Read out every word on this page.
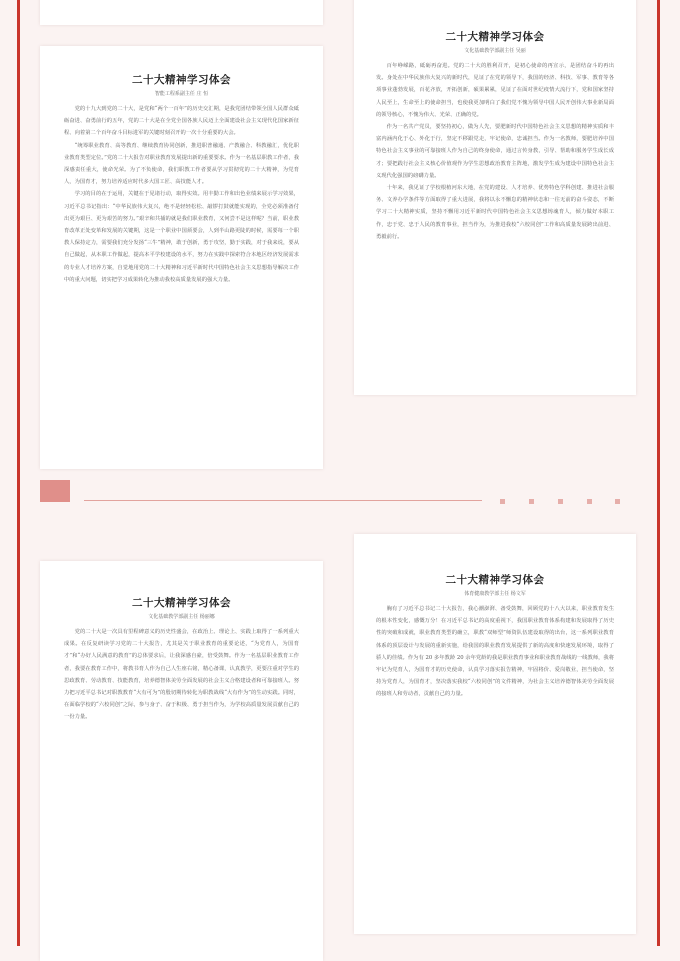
二十大精神学习体会
文化基础教学部副主任 吴丽

百年峥嵘路，砥砺再奋进。党的二十大的胜利召开，是初心使命的再宣示，是团结奋斗的再出发。身处在中华民族伟大复兴的新时代，见证了在党的领导下，我国的经济、科技、军事、教育等各项事业蓬勃发展，百花齐放，开拓创新，硕果累累，见证了在面对世纪疫情大流行下，党和国家坚持人民至上，生命至上的使命担当，也使我更加明白了我们党不愧为领导中国人民开创伟大事业新局面的领导核心，不愧为伟大、光荣、正确的党。

作为一名共产党员，要坚持初心，做为人先，要肥新时代中国特色社会主义思想的精神实质和丰富内涵内化于心、外化于行，坚定不移跟党走，牢记使命，忠诚担当。作为一名教师，要肥培养中国特色社会主义事业的可靠接班人作为自己的终身使命，通过言传身教，引导、帮助和服务学生成长成才；要把践行社会主义核心价值观作为学生思想政治教育主阵地，激发学生成为建设中国特色社会主义现代化强国的磅礴力量。

十年来，我见证了学校根植河东大地，在党的建设、人才培养、优势特色学科创建、推进社会服务、文养办学条件等方面取得了重大进展，我将以永不懈怠的精神状态和一往无前的奋斗姿态，不断学习二十大精神实质，坚持不懈用习近平新时代中国特色社会主义思想铸魂育人，倾力做好本职工作，忠于党、忠于人民的教育事业，担当作为，为推进我校“六校同创”工作和高质量发展跨出前进、勇毅前行。

二十大精神学习体会
智能工程系副主任 庄 恒

党的十九大到党的二十大，是党和“两个一百年”的历史交汇期，是我党团结带领全国人民群众砥砺奋进、奋勇前行的五年，党的二十大是在全党全国各族人民迈上全面建设社会主义现代化国家新征程、向着第二个百年奋斗目标进军的关键时刻召开的一次十分重要的大会。

“统筹职业教育、高等教育、继续教育协同创新，推进职普融通、产教融合、科教融汇，优化职业教育类型定位。”党的二十大报告对职业教育发展提出新的重要要求。作为一名基层职教工作者，我深感责任重大，使命光荣。为了不负使命，我们职教工作者要从学习贯彻党的二十大精神，为党育人，为国育才，努力培养适应时代多大国工匠、高技能人才。

学习的目的在于运用，关键在于见诸行动，取得实效。用丰勤工作和出色业绩来展示学习效果，习近平总书记指出：“中华民族伟大复兴，绝不是轻轻松松、敲锣打鼓就能实现的，全党必须准备付出更为艰巨、更为艰苦的努力。”艰辛和共捕的就是我们职业教育，又何尝不是这样呢？当前，职业教育改革正处变革和发展的关键期，这是一个职业中国须要会，人到半山路更陡的时候，需要每一个职教人保持定力，需要我们充分发扬“三牛”精神，敢于创新，勇于攻坚，勤于实践，对于我来说，要从自己做起，从本职工作做起，提高本平学校建设的水平，努力在实践中探索符合本地区经济发展需求的专业人才培养方案，自觉地用党的二十大精神和习近平新时代中国特色社会主义思想指导解决工作中的重大问题，切实把学习成果转化为推动我校高质量发展的强大力量。

二十大精神学习体会
文化基础教学部副主任 杨丽娜

党的二十大是一次具有里程碑意义的历史性盛会，在政治上、理论上、实践上取得了一系列重大成果。在反复研读学习党的二十大报告，尤其是关于职业教育的重要论述，“为党育人，为国育才”和“办好人民满意的教育”的总体要求后，让我深感自豪，倍受鼓舞。作为一名基层职业教育工作者，我要在教育工作中，将教书育人作为自己人生座右铭，精心备课，认真教学，更要注重对学生的思政教育、劳动教育、技能教育，培养德智体美劳全面发展的社会主义合格建设者和可靠接班人。努力把习近平总书记对职教教育“大有可为”的殷切期待转化为职教战线“大有作为”的生动实践。同时，在面临学校的“六校同创”之际，参与身子、奋于积极、勇于担当作为，为学校高质量发展贡献自己的一份力量。

二十大精神学习体会
体育健康教学部主任 杨文军

胸有了习近平总书记二十大报告，我心潮澎湃、备受鼓舞，回顾党的十八大以来，职业教育发生的根本性变化，感慨万分！在习近平总书记的高度重视下，我国职业教育体系构建和发展取得了历史性的突破和成就，职业教育类型的确立，职教“双师型”师资队伍建设取得的出台，这一系列职业教育体系的顶层设计与发展的重新实施，给我国的职业教育发展提供了新的高度和快速发展环境，取得了骄人的佳绩。作为有 20 多年教龄 20 余年党龄的我是职业教育事业和职业教育战线的一线教师，我将牢记为党育人，为国育才的历史使命，认真学习落实报告精神，牢固将价、爱岗敬业，担当使命，坚持为党育人，为国育才，坚决落实我校“六校同创”的文件精神，为社会主义培养德智体美劳全面发展的接班人和劳动者，贡献自己的力量。
